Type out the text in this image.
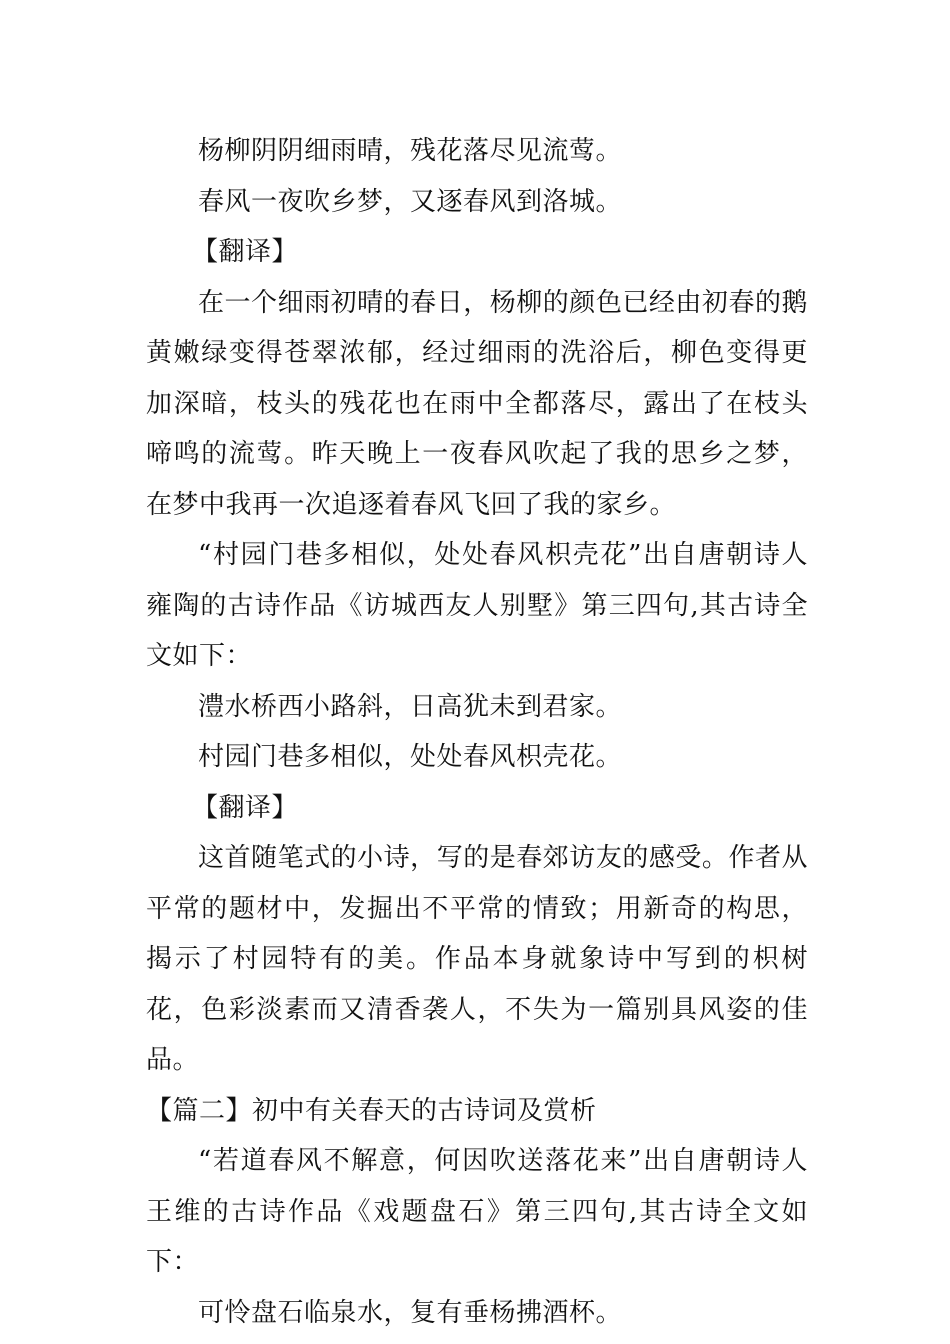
杨柳阴阴细雨晴，残花落尽见流莺。
春风一夜吹乡梦，又逐春风到洛城。
【翻译】

在一个细雨初晴的春日，杨柳的颜色已经由初春的鹅黄嫩绿变得苍翠浓郁，经过细雨的洗浴后，柳色变得更加深暗，枝头的残花也在雨中全都落尽，露出了在枝头啼鸣的流莺。昨天晚上一夜春风吹起了我的思乡之梦，在梦中我再一次追逐着春风飞回了我的家乡。

“村园门巷多相似，处处春风枳壳花”出自唐朝诗人雍陶的古诗作品《访城西友人别墅》第三四句,其古诗全文如下：

澧水桥西小路斜，日高犹未到君家。
村园门巷多相似，处处春风枳壳花。
【翻译】

这首随笔式的小诗，写的是春郊访友的感受。作者从平常的题材中，发掘出不平常的情致；用新奇的构思，揭示了村园特有的美。作品本身就象诗中写到的枳树花，色彩淡素而又清香袭人，不失为一篇别具风姿的佳品。

【篇二】初中有关春天的古诗词及赏析

“若道春风不解意，何因吹送落花来”出自唐朝诗人王维的古诗作品《戏题盘石》第三四句,其古诗全文如下：

可怜盘石临泉水，复有垂杨拂酒杯。
